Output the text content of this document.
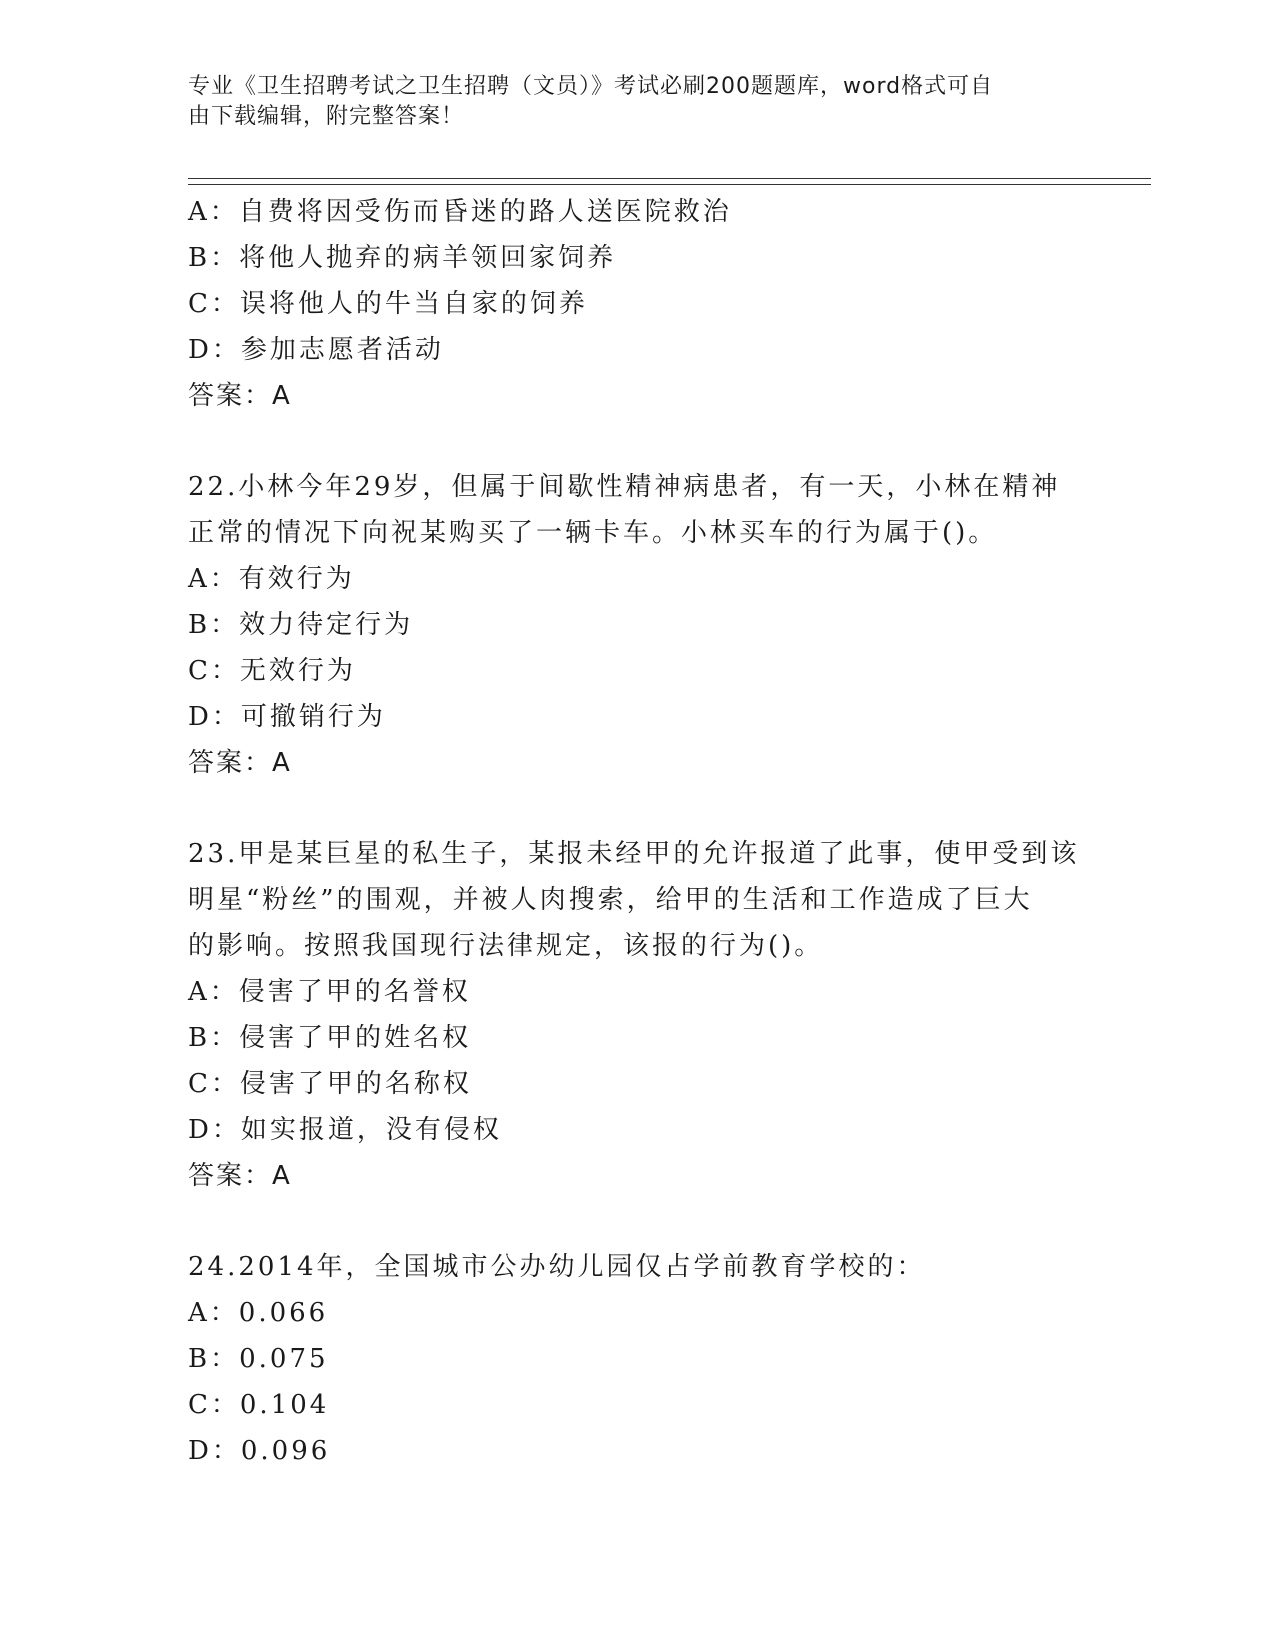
专业《卫生招聘考试之卫生招聘（文员）》考试必刷200题题库，word格式可自
由下载编辑，附完整答案！
A：自费将因受伤而昏迷的路人送医院救治
B：将他人抛弃的病羊领回家饲养
C：误将他人的牛当自家的饲养
D：参加志愿者活动
答案：A
22.小林今年29岁，但属于间歇性精神病患者，有一天，小林在精神
正常的情况下向祝某购买了一辆卡车。小林买车的行为属于()。
A：有效行为
B：效力待定行为
C：无效行为
D：可撤销行为
答案：A
23.甲是某巨星的私生子，某报未经甲的允许报道了此事，使甲受到该
明星“粉丝”的围观，并被人肉搜索，给甲的生活和工作造成了巨大
的影响。按照我国现行法律规定，该报的行为()。
A：侵害了甲的名誉权
B：侵害了甲的姓名权
C：侵害了甲的名称权
D：如实报道，没有侵权
答案：A
24.2014年，全国城市公办幼儿园仅占学前教育学校的：
A：0.066
B：0.075
C：0.104
D：0.096
